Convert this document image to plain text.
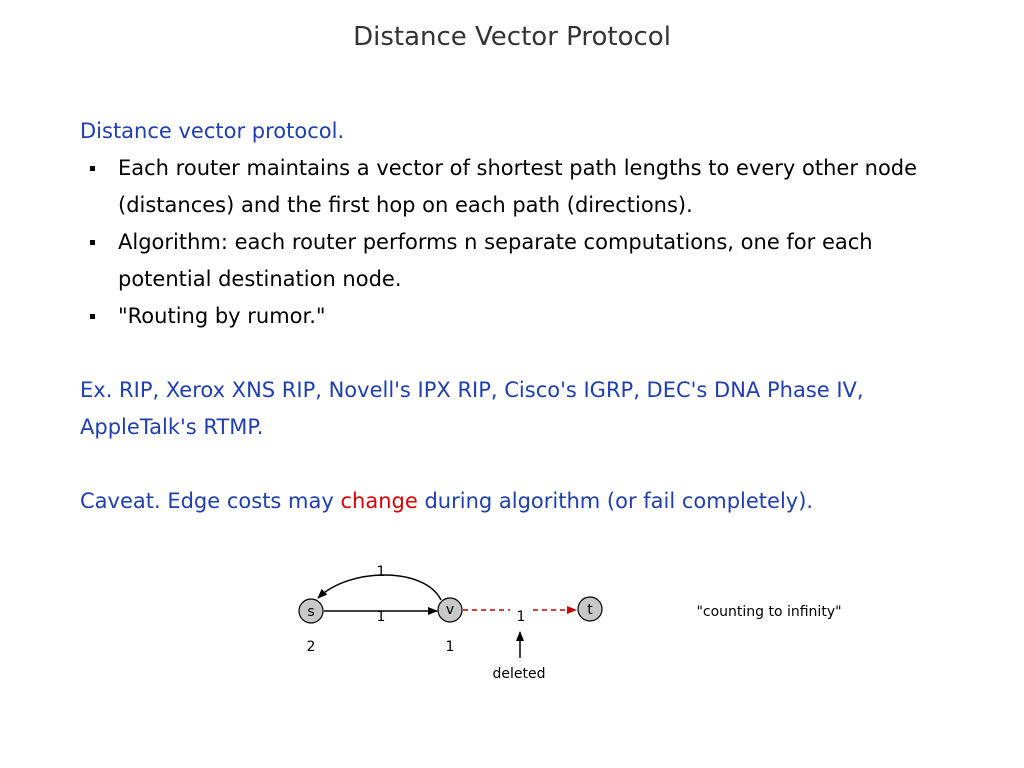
Distance Vector Protocol

Distance vector protocol.

Each router maintains a vector of shortest path lengths to every other node (distances) and the first hop on each path (directions).
Algorithm: each router performs n separate computations, one for each potential destination node.
"Routing by rumor."

Ex. RIP, Xerox XNS RIP, Novell's IPX RIP, Cisco's IGRP, DEC's DNA Phase IV, AppleTalk's RTMP.

Caveat. Edge costs may change during algorithm (or fail completely).

s	v	t
1
1	1
2	1
deleted
"counting to infinity"
